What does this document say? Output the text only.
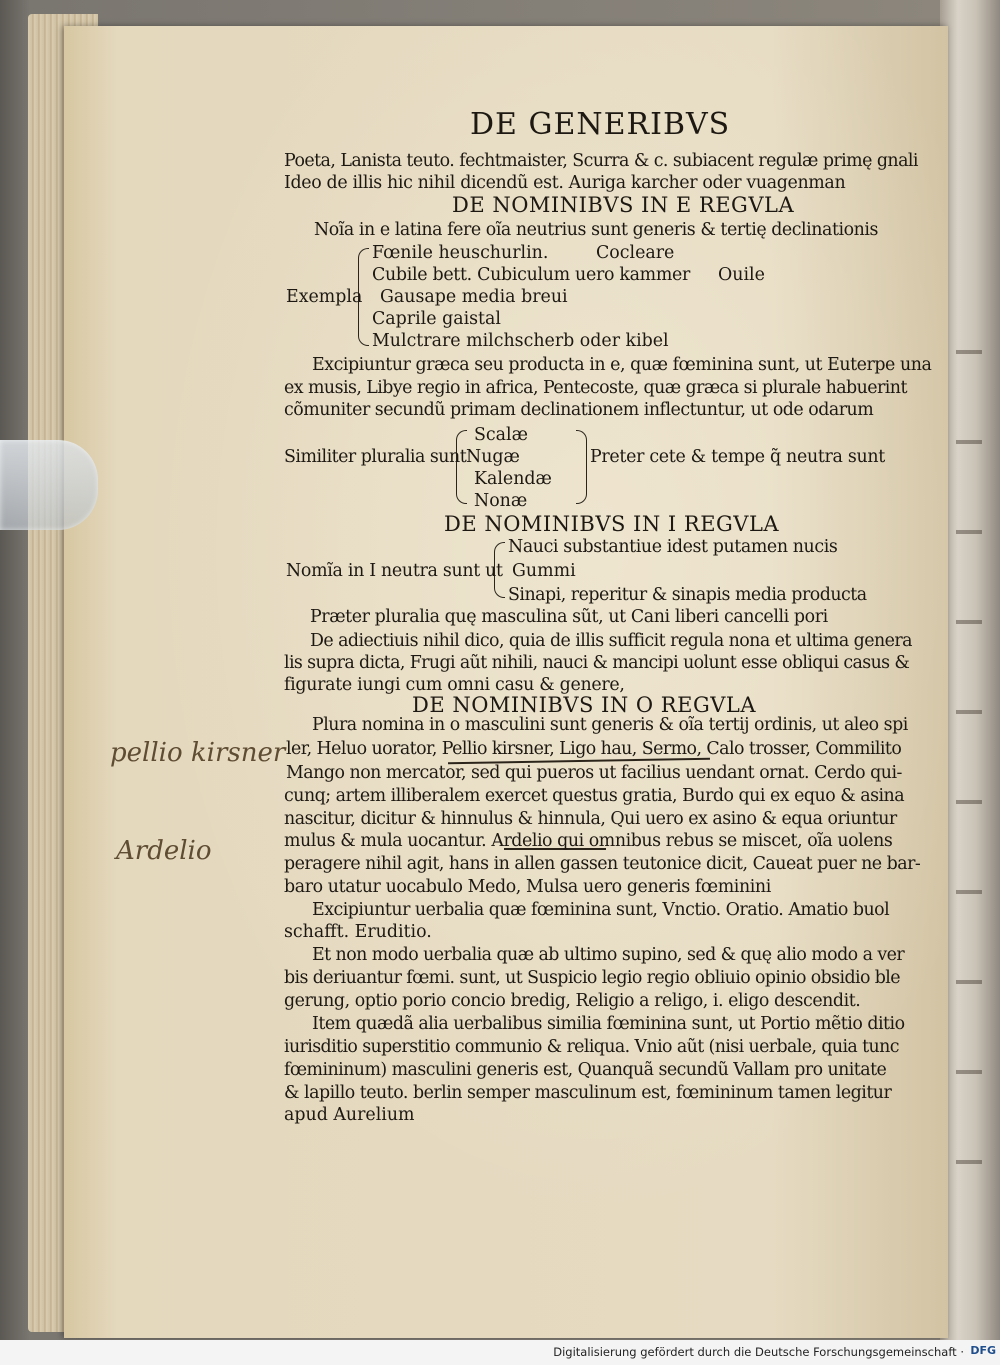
DE GENERIBVS
Poeta, Lanista teuto. fechtmaister, Scurra & c. subiacent regulæ primę gnali
Ideo de illis hic nihil dicendũ est. Auriga karcher oder vuagenman
DE NOMINIBVS IN E REGVLA
Noĩa in e latina fere oĩa neutrius sunt generis & tertię declinationis
Fœnile heuschurlin.	Cocleare
Cubile bett. Cubiculum uero kammer Ouile
Exempla Gausape media breui
Caprile gaistal
Mulctrare milchscherb oder kibel
Excipiuntur græca seu producta in e, quæ fœminina sunt, ut Euterpe una
ex musis, Libye regio in africa, Pentecoste, quæ græca si plurale habuerint
cõmuniter secundũ primam declinationem inflectuntur, ut ode odarum
Scalæ
Similiter pluralia sunt Nugæ	Preter cete & tempe q̃ neutra sunt
Kalendæ
Nonæ
DE NOMINIBVS IN I REGVLA
Nauci substantiue idest putamen nucis
Nomĩa in I neutra sunt ut Gummi
Sinapi, reperitur & sinapis media producta
Præter pluralia quę masculina sũt, ut Cani liberi cancelli pori
De adiectiuis nihil dico, quia de illis sufficit regula nona et ultima genera
lis supra dicta, Frugi aũt nihili, nauci & mancipi uolunt esse obliqui casus &
figurate iungi cum omni casu & genere,
DE NOMINIBVS IN O REGVLA
Plura nomina in o masculini sunt generis & oĩa tertij ordinis, ut aleo spi
ler, Heluo uorator, Pellio kirsner, Ligo hau, Sermo, Calo trosser, Commilito
Mango non mercator, sed qui pueros ut facilius uendant ornat. Cerdo qui-
cunq; artem illiberalem exercet questus gratia, Burdo qui ex equo & asina
nascitur, dicitur & hinnulus & hinnula, Qui uero ex asino & equa oriuntur
mulus & mula uocantur. Ardelio qui omnibus rebus se miscet, oĩa uolens
peragere nihil agit, hans in allen gassen teutonice dicit, Caueat puer ne bar-
baro utatur uocabulo Medo, Mulsa uero generis fœminini
Excipiuntur uerbalia quæ fœminina sunt, Vnctio. Oratio. Amatio buol
schafft. Eruditio.
Et non modo uerbalia quæ ab ultimo supino, sed & quę alio modo a ver
bis deriuantur fœmi. sunt, ut Suspicio legio regio obliuio opinio obsidio ble
gerung, optio porio concio bredig, Religio a religo, i. eligo descendit.
Item quædã alia uerbalibus similia fœminina sunt, ut Portio mẽtio ditio
iurisditio superstitio communio & reliqua. Vnio aũt (nisi uerbale, quia tunc
fœmininum) masculini generis est, Quanquã secundũ Vallam pro unitate
& lapillo teuto. berlin semper masculinum est, fœmininum tamen legitur
apud Aurelium
pellio kirsner
Ardelio
Digitalisierung gefördert durch die Deutsche Forschungsgemeinschaft · DFG
